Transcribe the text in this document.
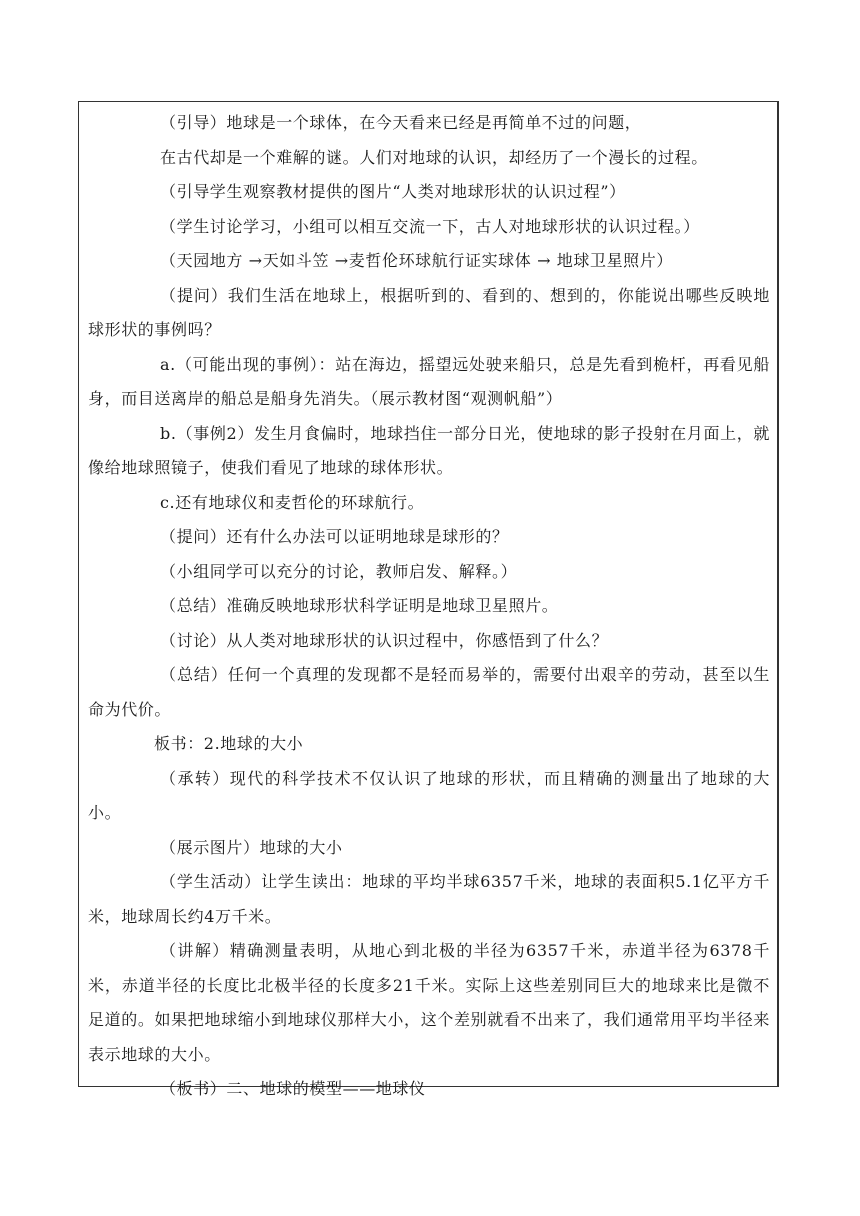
（引导）地球是一个球体，在今天看来已经是再简单不过的问题，

在古代却是一个难解的谜。人们对地球的认识，却经历了一个漫长的过程。

（引导学生观察教材提供的图片“人类对地球形状的认识过程”）

（学生讨论学习，小组可以相互交流一下，古人对地球形状的认识过程。）

（天园地方 →天如斗笠 →麦哲伦环球航行证实球体 → 地球卫星照片）

（提问）我们生活在地球上，根据听到的、看到的、想到的，你能说出哪些反映地球形状的事例吗？

a.（可能出现的事例）：站在海边，摇望远处驶来船只，总是先看到桅杆，再看见船身，而目送离岸的船总是船身先消失。（展示教材图“观测帆船”）

b.（事例2）发生月食偏时，地球挡住一部分日光，使地球的影子投射在月面上，就像给地球照镜子，使我们看见了地球的球体形状。

c.还有地球仪和麦哲伦的环球航行。

（提问）还有什么办法可以证明地球是球形的？

（小组同学可以充分的讨论，教师启发、解释。）

（总结）准确反映地球形状科学证明是地球卫星照片。

（讨论）从人类对地球形状的认识过程中，你感悟到了什么？

（总结）任何一个真理的发现都不是轻而易举的，需要付出艰辛的劳动，甚至以生命为代价。

板书：2.地球的大小

（承转）现代的科学技术不仅认识了地球的形状，而且精确的测量出了地球的大小。

（展示图片）地球的大小

（学生活动）让学生读出：地球的平均半球6357千米，地球的表面积5.1亿平方千米，地球周长约4万千米。

（讲解）精确测量表明，从地心到北极的半径为6357千米，赤道半径为6378千米，赤道半径的长度比北极半径的长度多21千米。实际上这些差别同巨大的地球来比是微不足道的。如果把地球缩小到地球仪那样大小，这个差别就看不出来了，我们通常用平均半径来表示地球的大小。

（板书）二、地球的模型——地球仪
